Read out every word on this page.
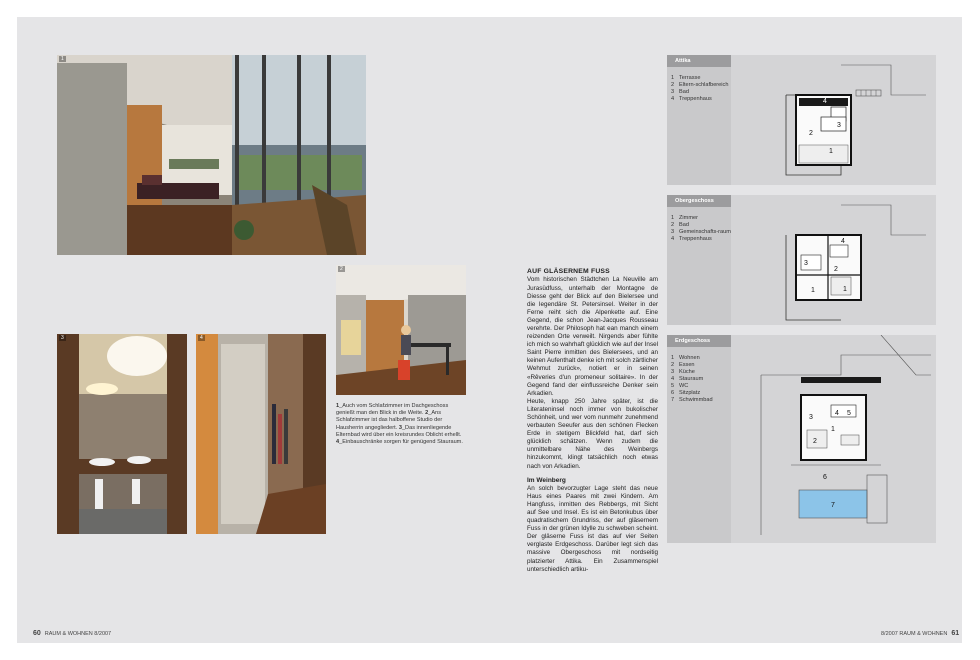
1
2
3	4
1_Auch vom Schlafzimmer im Dachgeschoss genießt man den Blick in die Weite. 2_Ans Schlafzimmer ist das halboffene Studio der Hausherrin angegliedert. 3_Das innenliegende Elternbad wird über ein kreisrundes Oblicht erhellt. 4_Einbauschränke sorgen für genügend Stauraum.
AUF GLÄSERNEM FUSS

Vom historischen Städtchen La Neuville am Jurasüdfuss, unterhalb der Montagne de Diesse geht der Blick auf den Bielersee und die legendäre St. Petersinsel. Weiter in der Ferne reiht sich die Alpenkette auf. Eine Gegend, die schon Jean-Jacques Rousseau verehrte. Der Philosoph hat ean manch einem reizenden Orte verweilt. Nirgends aber fühlte ich mich so wahrhaft glücklich wie auf der Insel Saint Pierre inmitten des Bielersees, und an keinen Aufenthalt denke ich mit solch zärtlicher Wehmut zurück», notiert er in seinen «Rêveries d'un promeneur solitaire». In der Gegend fand der einflussreiche Denker sein Arkadien.

Heute, knapp 250 Jahre später, ist die Literateninsel noch immer von bukolischer Schönheit, und wer vom nunmehr zunehmend verbauten Seeufer aus den schönen Flecken Erde in stetigem Blickfeld hat, darf sich glücklich schätzen. Wenn zudem die unmittelbare Nähe des Weinbergs hinzukommt, klingt tatsächlich noch etwas nach von Arkadien.

Im Weinberg

An solch bevorzugter Lage steht das neue Haus eines Paares mit zwei Kindern. Am Hangfuss, inmitten des Rebbergs, mit Sicht auf See und Insel. Es ist ein Betonkubus über quadratischem Grundriss, der auf gläsernem Fuss in der grünen Idylle zu schweben scheint. Der gläserne Fuss ist das auf vier Seiten verglaste Erdgeschoss. Darüber legt sich das massive Obergeschoss mit nordseitig platzierter Attika. Ein Zusammenspiel unterschiedlich artiku-

Attika
1 Terrasse
2 Eltern-schlafbereich
3 Bad
4 Treppenhaus
1
2
3
4
Obergeschoss
1 Zimmer
2 Bad
3 Gemeinschafts-raum
4 Treppenhaus
1	1
2
3
4
Erdgeschoss
1 Wohnen
2 Essen
3 Küche
4 Stauraum
5 WC
6 Sitzplatz
7 Schwimmbad
1
2
3
4 5
6
7
60 RAUM & WOHNEN 8/2007	8/2007 RAUM & WOHNEN 61
